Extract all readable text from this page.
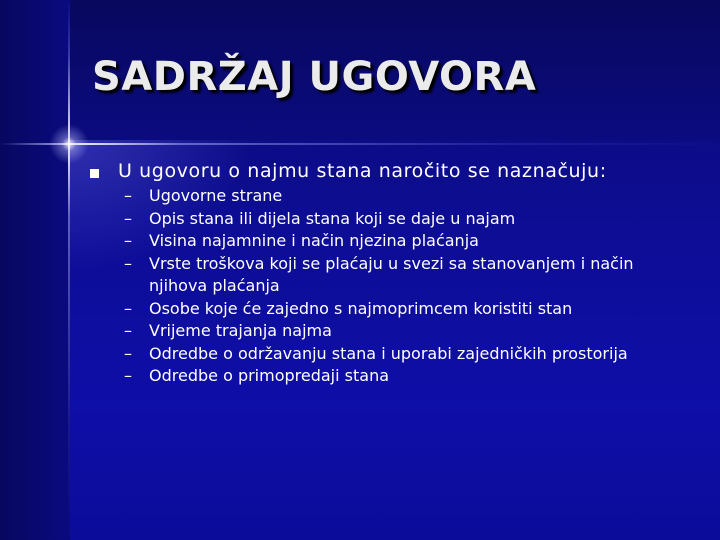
SADRŽAJ UGOVORA
U ugovoru o najmu stana naročito se naznačuju:
– Ugovorne strane
– Opis stana ili dijela stana koji se daje u najam
– Visina najamnine i način njezina plaćanja
– Vrste troškova koji se plaćaju u svezi sa stanovanjem i način njihova plaćanja
– Osobe koje će zajedno s najmoprimcem koristiti stan
– Vrijeme trajanja najma
– Odredbe o održavanju stana i uporabi zajedničkih prostorija
– Odredbe o primopredaji stana
